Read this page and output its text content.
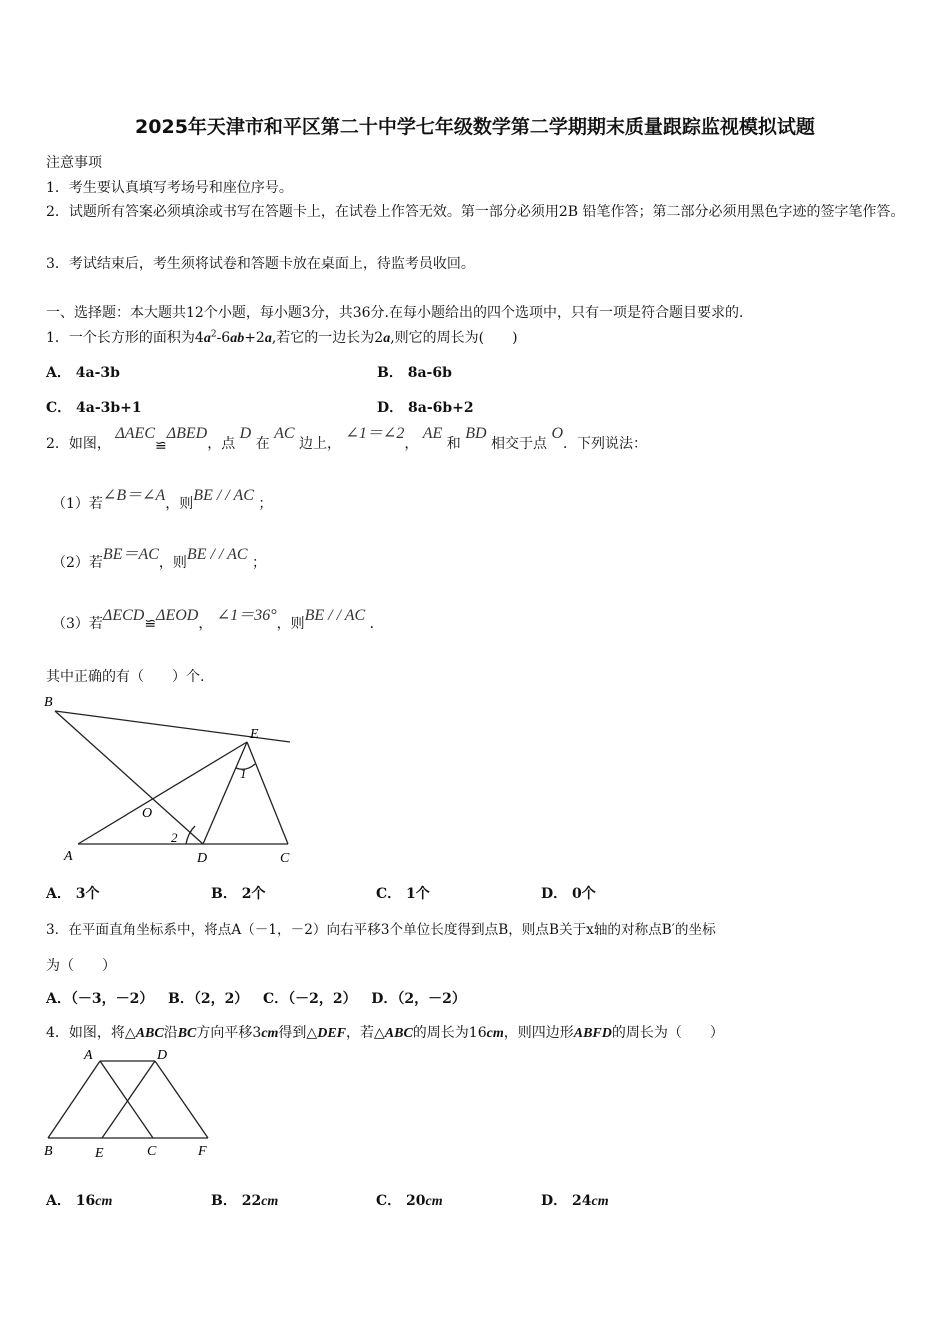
2025年天津市和平区第二十中学七年级数学第二学期期末质量跟踪监视模拟试题
注意事项
1．考生要认真填写考场号和座位序号。
2．试题所有答案必须填涂或书写在答题卡上，在试卷上作答无效。第一部分必须用2B 铅笔作答；第二部分必须用黑色字迹的签字笔作答。
3．考试结束后，考生须将试卷和答题卡放在桌面上，待监考员收回。
一、选择题：本大题共12个小题，每小题3分，共36分.在每小题给出的四个选项中，只有一项是符合题目要求的.
1．一个长方形的面积为$4a^2-6ab+2a$,若它的一边长为2a,则它的周长为(　　)
A． 4a-3b	B． 8a-6b
C． 4a-3b+1	D． 8a-6b+2
2．如图， ΔAEC≌ΔBED，点 D 在 AC 边上， ∠1＝∠2， AE 和 BD 相交于点 O．下列说法：
（1）若∠B＝∠A，则BE / / AC ；
（2）若BE＝AC，则BE / / AC ；
（3）若ΔECD≌ΔEOD， ∠1＝36°，则BE / / AC ．
其中正确的有（　　）个.
B
E
1
O
2
A	D	C
A． 3个	B． 2个	C． 1个	D． 0个
3．在平面直角坐标系中，将点A（－1，－2）向右平移3个单位长度得到点B，则点B关于x轴的对称点B′的坐标
为（　　）
A．（－3，－2） B．（2，2） C．（－2，2） D．（2，－2）
4．如图，将△ABC沿BC方向平移3cm得到△DEF，若△ABC的周长为16cm，则四边形ABFD的周长为（　　）
A	D
B	E	C	F
A． 16cm	B． 22cm	C． 20cm	D． 24cm
